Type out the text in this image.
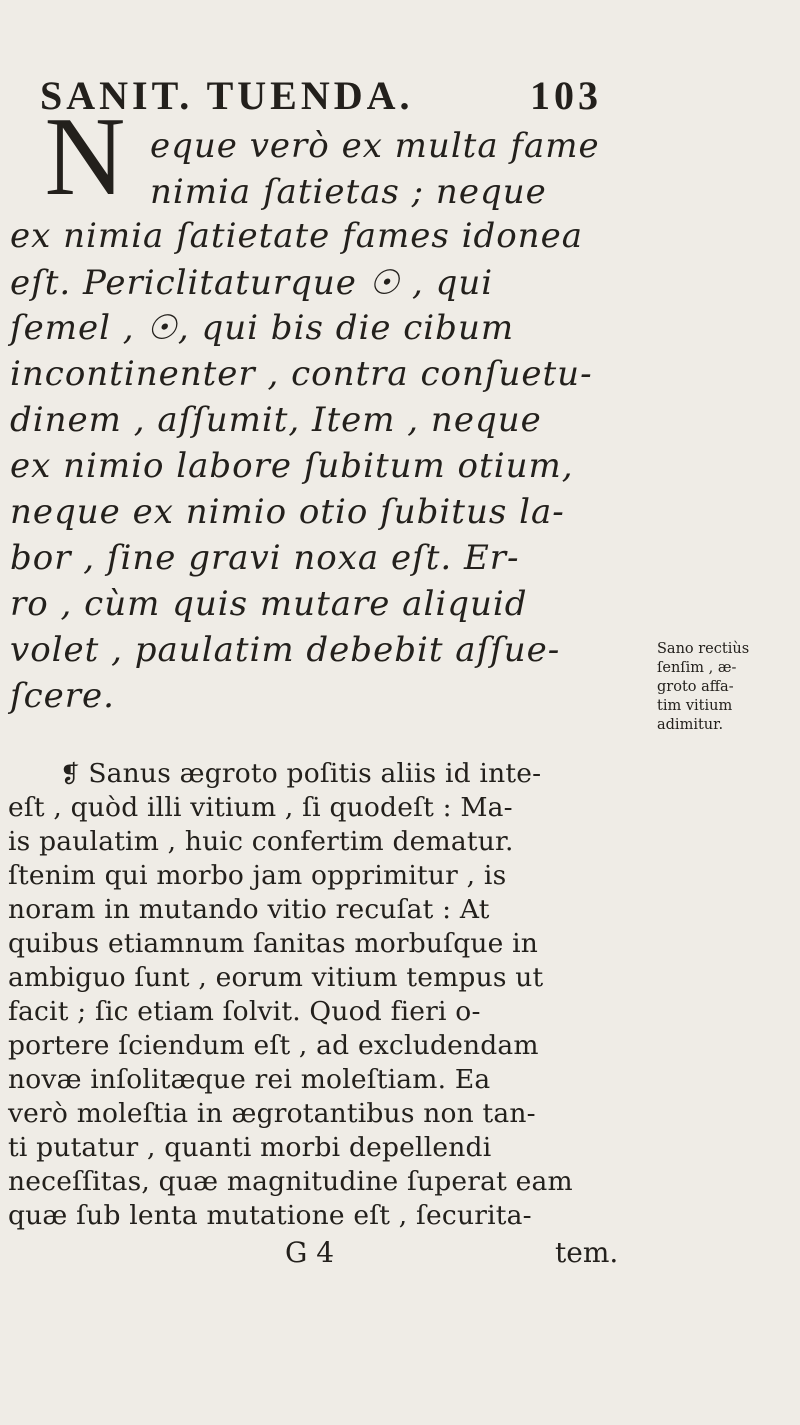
SANIT. TUENDA.	103
N eque verò ex multa fame
nimia ſatietas ; neque
ex nimia ſatietate fames idonea
eſt. Periclitaturque ☉ , qui
ſemel , ☉, qui bis die cibum
incontinenter , contra conſuetu-
dinem , aſſumit, Item , neque
ex nimio labore ſubitum otium,
neque ex nimio otio ſubitus la-
bor , ſine gravi noxa eſt. Er-
ro , cùm quis mutare aliquid
volet , paulatim debebit aſſue-
ſcere.
❡ Sanus ægroto poſitis aliis id inte-
eſt , quòd illi vitium , ſi quodeſt : Ma-
is paulatim , huic confertim dematur.
ſtenim qui morbo jam opprimitur , is
noram in mutando vitio recuſat : At
quibus etiamnum ſanitas morbuſque in
ambiguo ſunt , eorum vitium tempus ut
facit ; ſic etiam ſolvit. Quod fieri o-
portere ſciendum eſt , ad excludendam
novæ inſolitæque rei moleſtiam. Ea
verò moleſtia in ægrotantibus non tan-
ti putatur , quanti morbi depellendi
neceſſitas, quæ magnitudine ſuperat eam
quæ ſub lenta mutatione eſt , ſecurita-
G 4	tem.
Sano rectiùs
ſenſim , æ-
groto affa-
tim vitium
adimitur.
